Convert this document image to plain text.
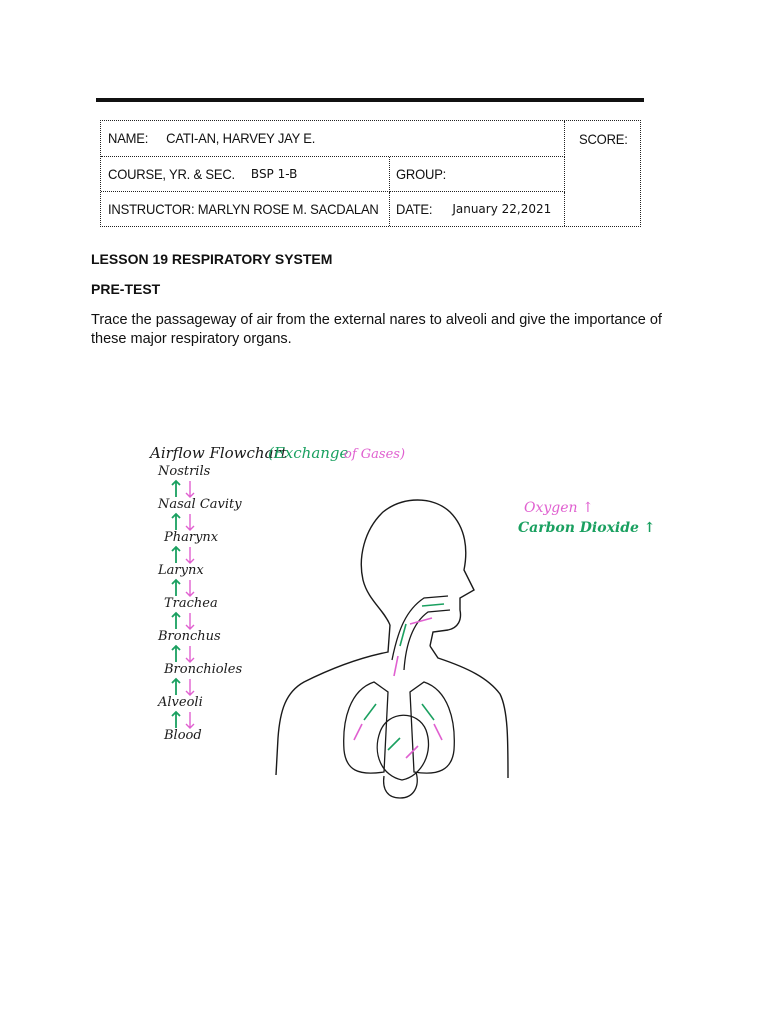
NAME: CATI-AN, HARVEY JAY E.	SCORE:
COURSE, YR. & SEC. BSP 1-B	GROUP:
INSTRUCTOR: MARLYN ROSE M. SACDALAN DATE: January 22,2021
LESSON 19 RESPIRATORY SYSTEM
PRE-TEST
Trace the passageway of air from the external nares to alveoli and give the importance of these major respiratory organs.
Airflow Flowchart
(Exchange
of Gases)
Nostrils
Nasal Cavity
Pharynx
Larynx
Trachea
Bronchus
Bronchioles
Alveoli
Blood
Oxygen ↑
Carbon Dioxide ↑
